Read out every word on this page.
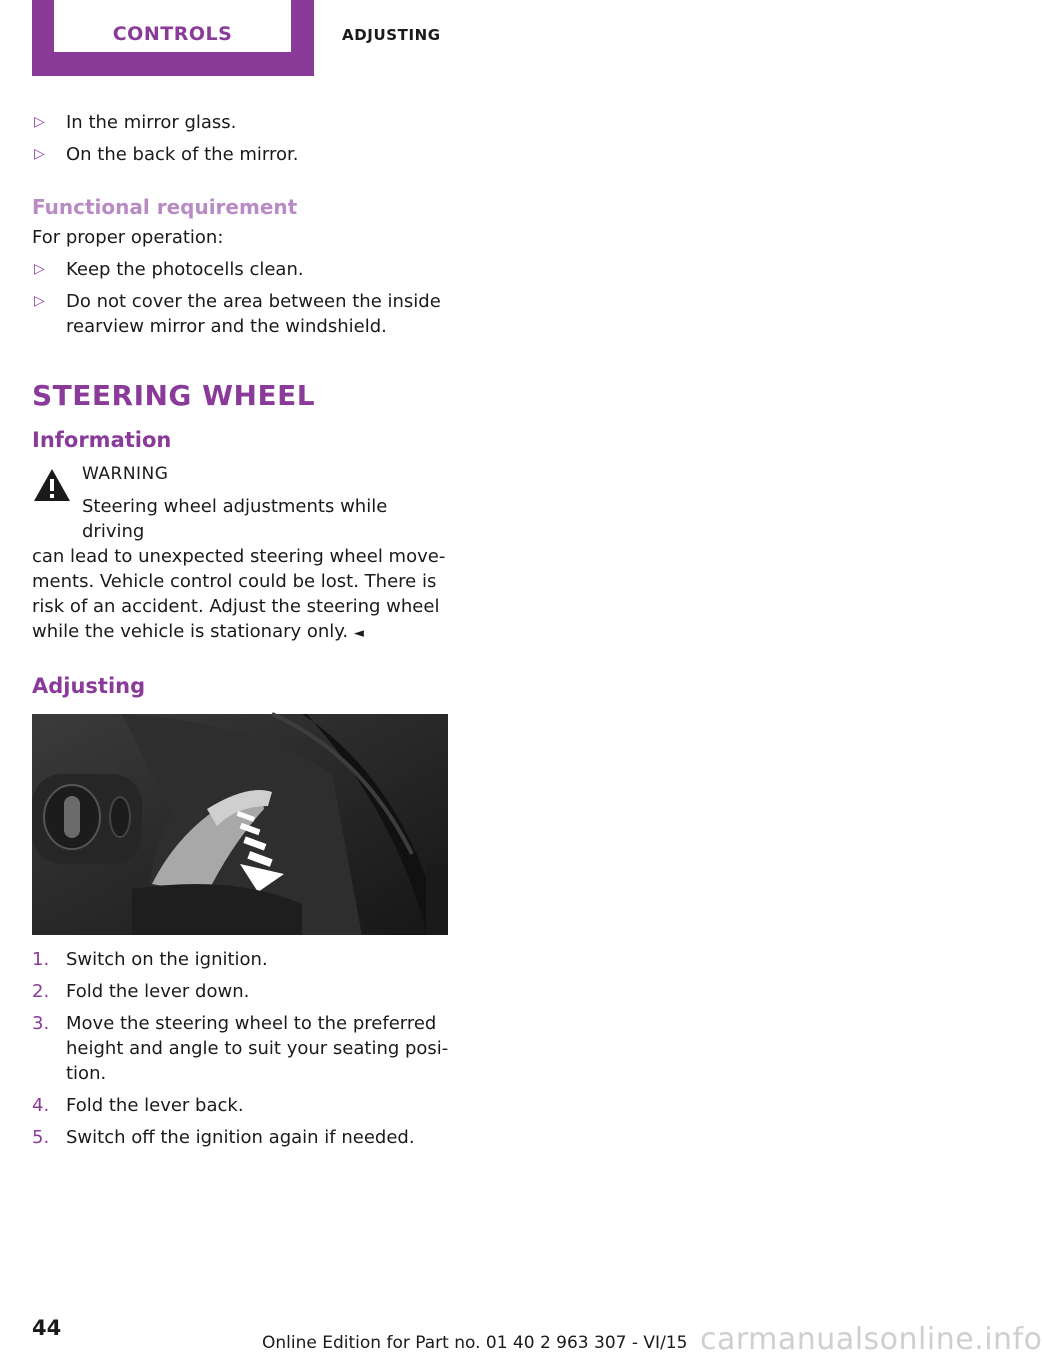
CONTROLS	ADJUSTING
▷ In the mirror glass.
▷ On the back of the mirror.
Functional requirement
For proper operation:
▷ Keep the photocells clean.
▷ Do not cover the area between the inside rearview mirror and the windshield.
STEERING WHEEL
Information
WARNING
Steering wheel adjustments while driving
can lead to unexpected steering wheel move-ments. Vehicle control could be lost. There is risk of an accident. Adjust the steering wheel while the vehicle is stationary only. ◄
Adjusting
1. Switch on the ignition.
2. Fold the lever down.
3. Move the steering wheel to the preferred height and angle to suit your seating posi-tion.
4. Fold the lever back.
5. Switch off the ignition again if needed.
44
Online Edition for Part no. 01 40 2 963 307 - VI/15 carmanualsonline.info
